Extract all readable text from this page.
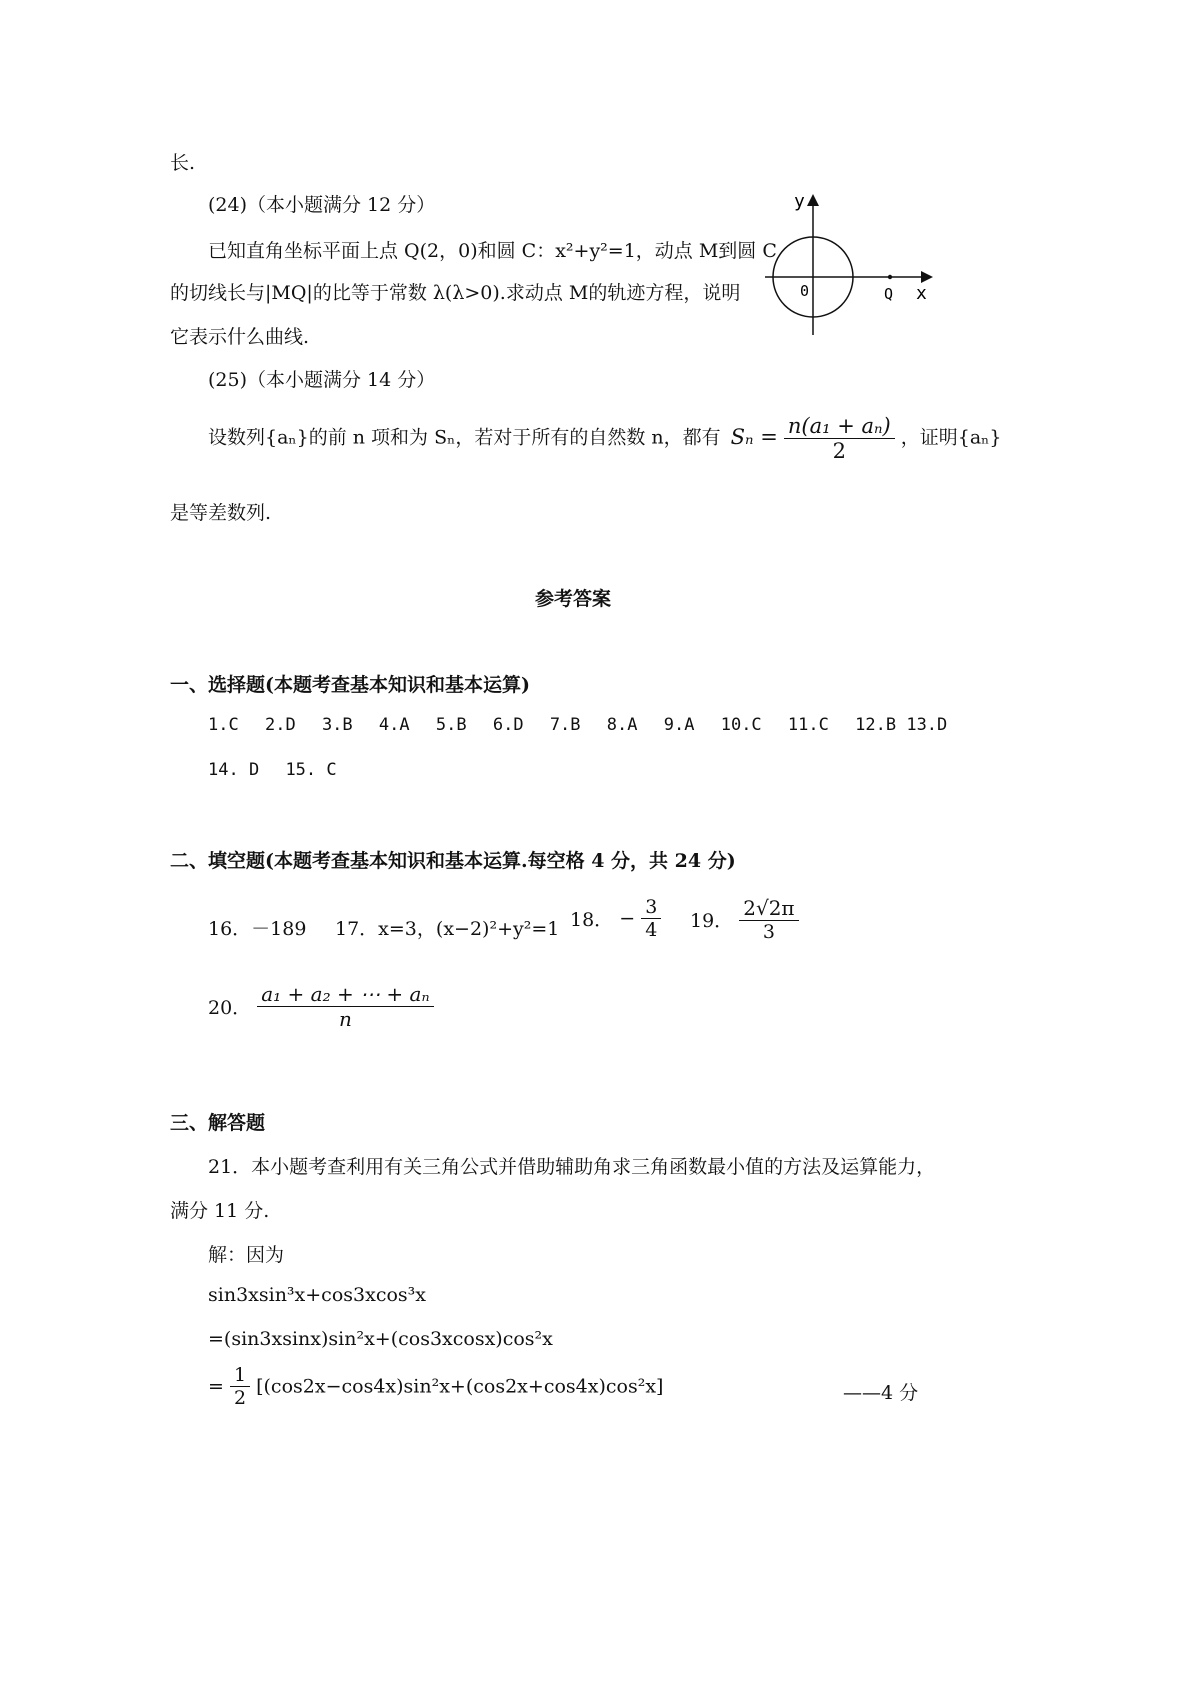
长.
(24)（本小题满分 12 分）
已知直角坐标平面上点 Q(2，0)和圆 C：x²+y²=1，动点 M到圆 C
的切线长与|MQ|的比等于常数 λ(λ>0).求动点 M的轨迹方程，说明
它表示什么曲线.
y
0	Q x
(25)（本小题满分 14 分）
设数列{aₙ}的前 n 项和为 Sₙ，若对于所有的自然数 n，都有 $S_n = \frac{\text{n(a₁ + aₙ)}}{2}$ ，证明{aₙ}
是等差数列.
参考答案
一、选择题(本题考查基本知识和基本运算)
1.C 2.D 3.B 4.A 5.B 6.D 7.B 8.A 9.A 10.C 11.C 12.B 13.D
14. D 15. C
二、填空题(本题考查基本知识和基本运算.每空格 4 分，共 24 分)
16．－189 17．x=3，(x−2)²+y²=1 18． − $\frac{3}{4} 19$． $\frac{2√2\pi}{3}$
20． $\frac{\text{a₁ + a₂ + ⋯ + aₙ}}{n}$
三、解答题
21．本小题考查利用有关三角公式并借助辅助角求三角函数最小值的方法及运算能力，
满分 11 分.
解：因为
sin3xsin³x+cos3xcos³x
=(sin3xsinx)sin²x+(cos3xcosx)cos²x
= $\frac{1}{2} [(\cos 2x-\cos 4x)\sin^2x+(\cos 2x+\cos 4x)\cos^2x]$	——4 分
